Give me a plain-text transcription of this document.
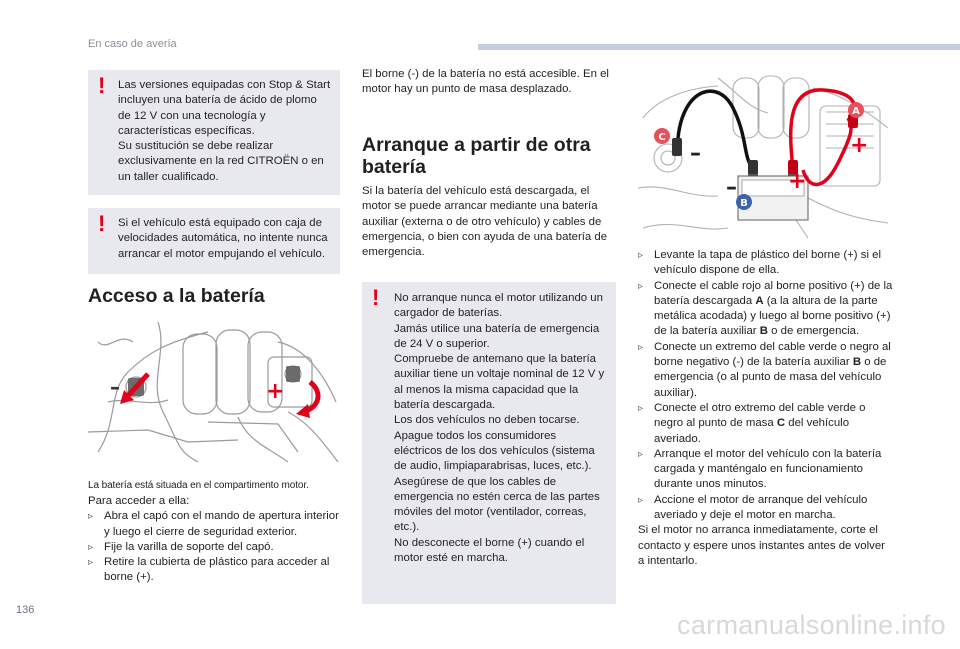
En caso de avería
! Las versiones equipadas con Stop & Start incluyen una batería de ácido de plomo de 12 V con una tecnología y características específicas.

Su sustitución se debe realizar exclusivamente en la red CITROËN o en un taller cualificado.

! Si el vehículo está equipado con caja de velocidades automática, no intente nunca arrancar el motor empujando el vehículo.

Acceso a la batería
–	+
La batería está situada en el compartimento motor.

Para acceder a ella:

▹ Abra el capó con el mando de apertura interior y luego el cierre de seguridad exterior.
▹ Fije la varilla de soporte del capó.
▹ Retire la cubierta de plástico para acceder al borne (+).

El borne (-) de la batería no está accesible. En el motor hay un punto de masa desplazado.

Arranque a partir de otra
batería

Si la batería del vehículo está descargada, el motor se puede arrancar mediante una batería auxiliar (externa o de otro vehículo) y cables de emergencia, o bien con ayuda de una batería de emergencia.

! No arranque nunca el motor utilizando un cargador de baterías.

Jamás utilice una batería de emergencia de 24 V o superior.

Compruebe de antemano que la batería auxiliar tiene un voltaje nominal de 12 V y al menos la misma capacidad que la batería descargada.

Los dos vehículos no deben tocarse.

Apague todos los consumidores eléctricos de los dos vehículos (sistema de audio, limpiaparabrisas, luces, etc.).

Asegúrese de que los cables de emergencia no estén cerca de las partes móviles del motor (ventilador, correas, etc.).

No desconecte el borne (+) cuando el motor esté en marcha.

–
– +
+
A
C
B
▹ Levante la tapa de plástico del borne (+) si el vehículo dispone de ella.
▹ Conecte el cable rojo al borne positivo (+) de la batería descargada A (a la altura de la parte metálica acodada) y luego al borne positivo (+) de la batería auxiliar B o de emergencia.
▹ Conecte un extremo del cable verde o negro al borne negativo (-) de la batería auxiliar B o de emergencia (o al punto de masa del vehículo auxiliar).
▹ Conecte el otro extremo del cable verde o negro al punto de masa C del vehículo averiado.
▹ Arranque el motor del vehículo con la batería cargada y manténgalo en funcionamiento durante unos minutos.
▹ Accione el motor de arranque del vehículo averiado y deje el motor en marcha.

Si el motor no arranca inmediatamente, corte el contacto y espere unos instantes antes de volver a intentarlo.

136	carmanualsonline.info
